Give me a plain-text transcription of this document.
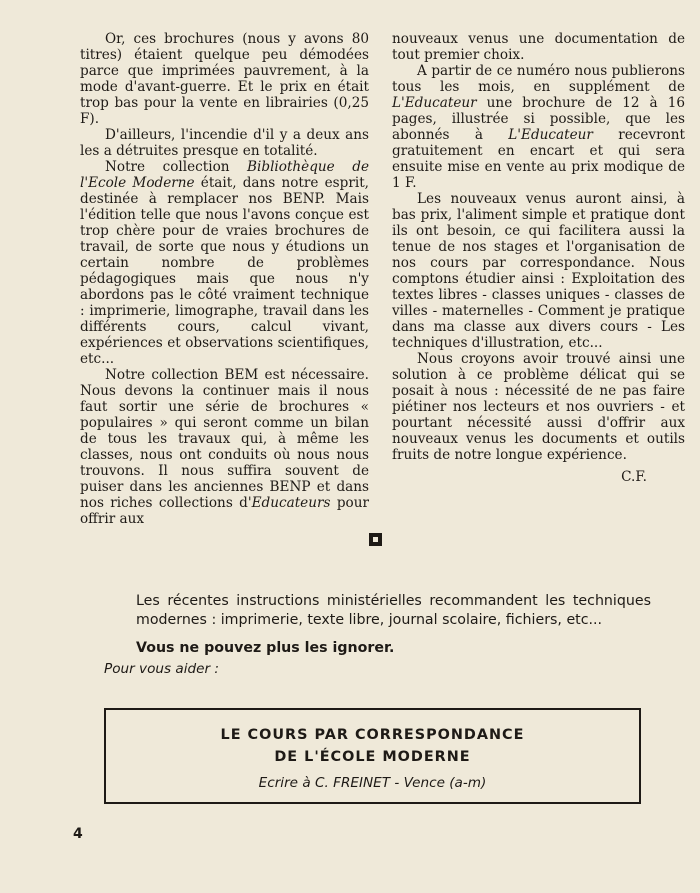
Or, ces brochures (nous y avons 80 titres) étaient quelque peu démodées parce que imprimées pauvrement, à la mode d'avant-guerre. Et le prix en était trop bas pour la vente en librairies (0,25 F).

D'ailleurs, l'incendie d'il y a deux ans les a détruites presque en totalité.

Notre collection Bibliothèque de l'Ecole Moderne était, dans notre esprit, destinée à remplacer nos BENP. Mais l'édition telle que nous l'avons conçue est trop chère pour de vraies brochures de travail, de sorte que nous y étudions un certain nombre de problèmes pédagogiques mais que nous n'y abordons pas le côté vraiment technique : imprimerie, limographe, travail dans les différents cours, calcul vivant, expériences et observations scientifiques, etc...

Notre collection BEM est nécessaire. Nous devons la continuer mais il nous faut sortir une série de brochures « populaires » qui seront comme un bilan de tous les travaux qui, à même les classes, nous ont conduits où nous nous trouvons. Il nous suffira souvent de puiser dans les anciennes BENP et dans nos riches collections d'Educateurs pour offrir aux

nouveaux venus une documentation de tout premier choix.

A partir de ce numéro nous publierons tous les mois, en supplément de L'Educateur une brochure de 12 à 16 pages, illustrée si possible, que les abonnés à L'Educateur recevront gratuitement en encart et qui sera ensuite mise en vente au prix modique de 1 F.

Les nouveaux venus auront ainsi, à bas prix, l'aliment simple et pratique dont ils ont besoin, ce qui facilitera aussi la tenue de nos stages et l'organisation de nos cours par correspondance. Nous comptons étudier ainsi : Exploitation des textes libres - classes uniques - classes de villes - maternelles - Comment je pratique dans ma classe aux divers cours - Les techniques d'illustration, etc...

Nous croyons avoir trouvé ainsi une solution à ce problème délicat qui se posait à nous : nécessité de ne pas faire piétiner nos lecteurs et nos ouvriers - et pourtant nécessité aussi d'offrir aux nouveaux venus les documents et outils fruits de notre longue expérience.

C.F.

Les récentes instructions ministérielles recommandent les techniques modernes : imprimerie, texte libre, journal scolaire, fichiers, etc...
Vous ne pouvez plus les ignorer.
Pour vous aider :
LE COURS PAR CORRESPONDANCE
DE L'ÉCOLE MODERNE
Ecrire à C. FREINET - Vence (a-m)
4
